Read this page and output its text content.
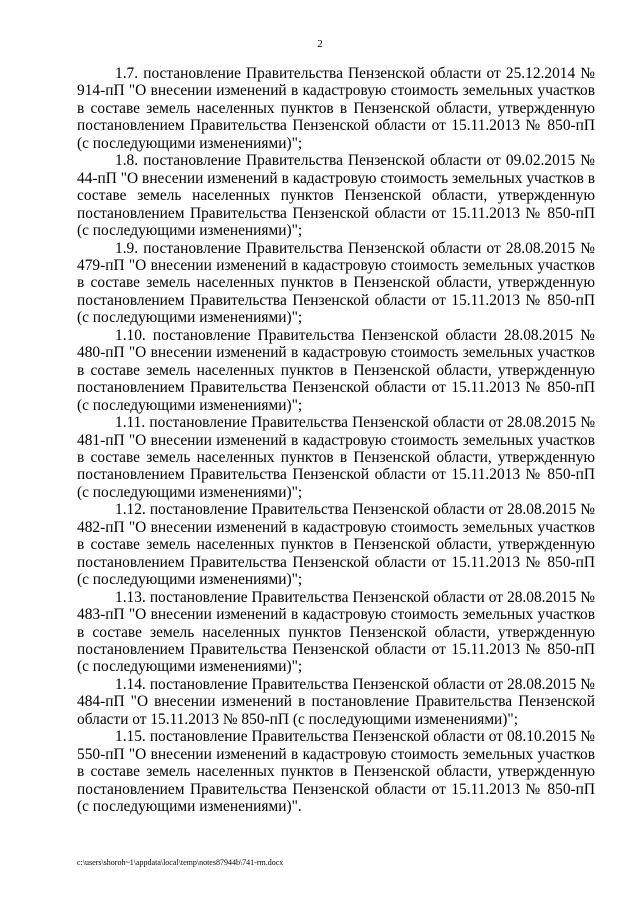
2

1.7. постановление Правительства Пензенской области от 25.12.2014 № 914-пП "О внесении изменений в кадастровую стоимость земельных участков в составе земель населенных пунктов в Пензенской области, утвержденную постановлением Правительства Пензенской области от 15.11.2013 № 850-пП (с последующими изменениями)";

1.8. постановление Правительства Пензенской области от 09.02.2015 № 44-пП "О внесении изменений в кадастровую стоимость земельных участков в составе земель населенных пунктов Пензенской области, утвержденную постановлением Правительства Пензенской области от 15.11.2013 № 850-пП (с последующими изменениями)";

1.9. постановление Правительства Пензенской области от 28.08.2015 № 479-пП "О внесении изменений в кадастровую стоимость земельных участков в составе земель населенных пунктов в Пензенской области, утвержденную постановлением Правительства Пензенской области от 15.11.2013 № 850-пП (с последующими изменениями)";

1.10. постановление Правительства Пензенской области 28.08.2015 № 480-пП "О внесении изменений в кадастровую стоимость земельных участков в составе земель населенных пунктов в Пензенской области, утвержденную постановлением Правительства Пензенской области от 15.11.2013 № 850-пП (с последующими изменениями)";

1.11. постановление Правительства Пензенской области от 28.08.2015 № 481-пП "О внесении изменений в кадастровую стоимость земельных участков в составе земель населенных пунктов в Пензенской области, утвержденную постановлением Правительства Пензенской области от 15.11.2013 № 850-пП (с последующими изменениями)";

1.12. постановление Правительства Пензенской области от 28.08.2015 № 482-пП "О внесении изменений в кадастровую стоимость земельных участков в составе земель населенных пунктов в Пензенской области, утвержденную постановлением Правительства Пензенской области от 15.11.2013 № 850-пП (с последующими изменениями)";

1.13. постановление Правительства Пензенской области от 28.08.2015 № 483-пП "О внесении изменений в кадастровую стоимость земельных участков в составе земель населенных пунктов Пензенской области, утвержденную постановлением Правительства Пензенской области от 15.11.2013 № 850-пП (с последующими изменениями)";

1.14. постановление Правительства Пензенской области от 28.08.2015 № 484-пП "О внесении изменений в постановление Правительства Пензенской области от 15.11.2013 № 850-пП (с последующими изменениями)";

1.15. постановление Правительства Пензенской области от 08.10.2015 № 550-пП "О внесении изменений в кадастровую стоимость земельных участков в составе земель населенных пунктов в Пензенской области, утвержденную постановлением Правительства Пензенской области от 15.11.2013 № 850-пП (с последующими изменениями)".

c:\users\shoroh~1\appdata\local\temp\notes87944b\741-rm.docx
